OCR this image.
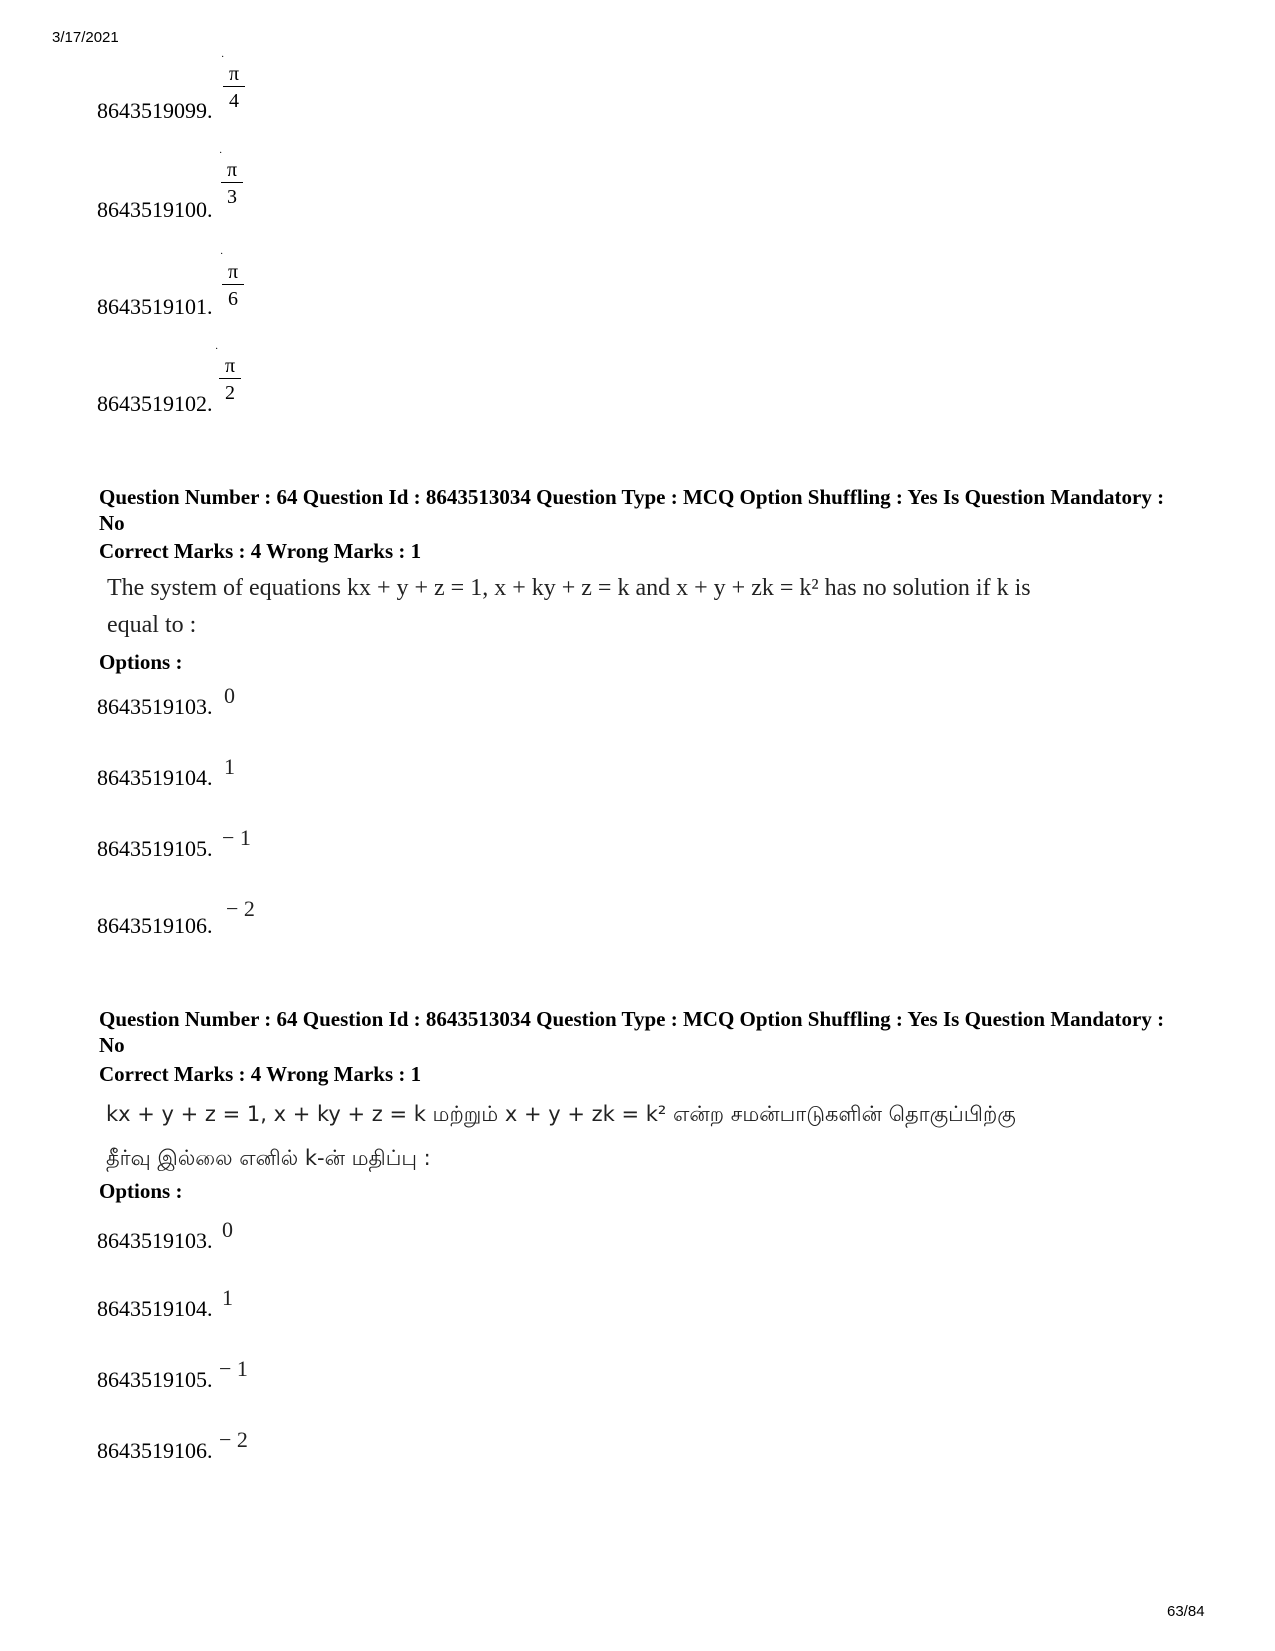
3/17/2021
63/84
·
8643519099.
π
4
·
8643519100.
π
3
·
8643519101.
π
6
·
8643519102.
π
2
Question Number : 64 Question Id : 8643513034 Question Type : MCQ Option Shuffling : Yes Is Question Mandatory : No
Correct Marks : 4 Wrong Marks : 1
The system of equations kx + y + z = 1, x + ky + z = k and x + y + zk = k² has no solution if k is
equal to :
Options :
8643519103. 0
8643519104. 1
8643519105. − 1
8643519106.
− 2
Question Number : 64 Question Id : 8643513034 Question Type : MCQ Option Shuffling : Yes Is Question Mandatory : No
Correct Marks : 4 Wrong Marks : 1
kx + y + z = 1, x + ky + z = k மற்றும் x + y + zk = k² என்ற சமன்பாடுகளின் தொகுப்பிற்கு
தீர்வு இல்லை எனில் k-ன் மதிப்பு :
Options :
8643519103. 0
8643519104. 1
8643519105. − 1
8643519106. − 2
